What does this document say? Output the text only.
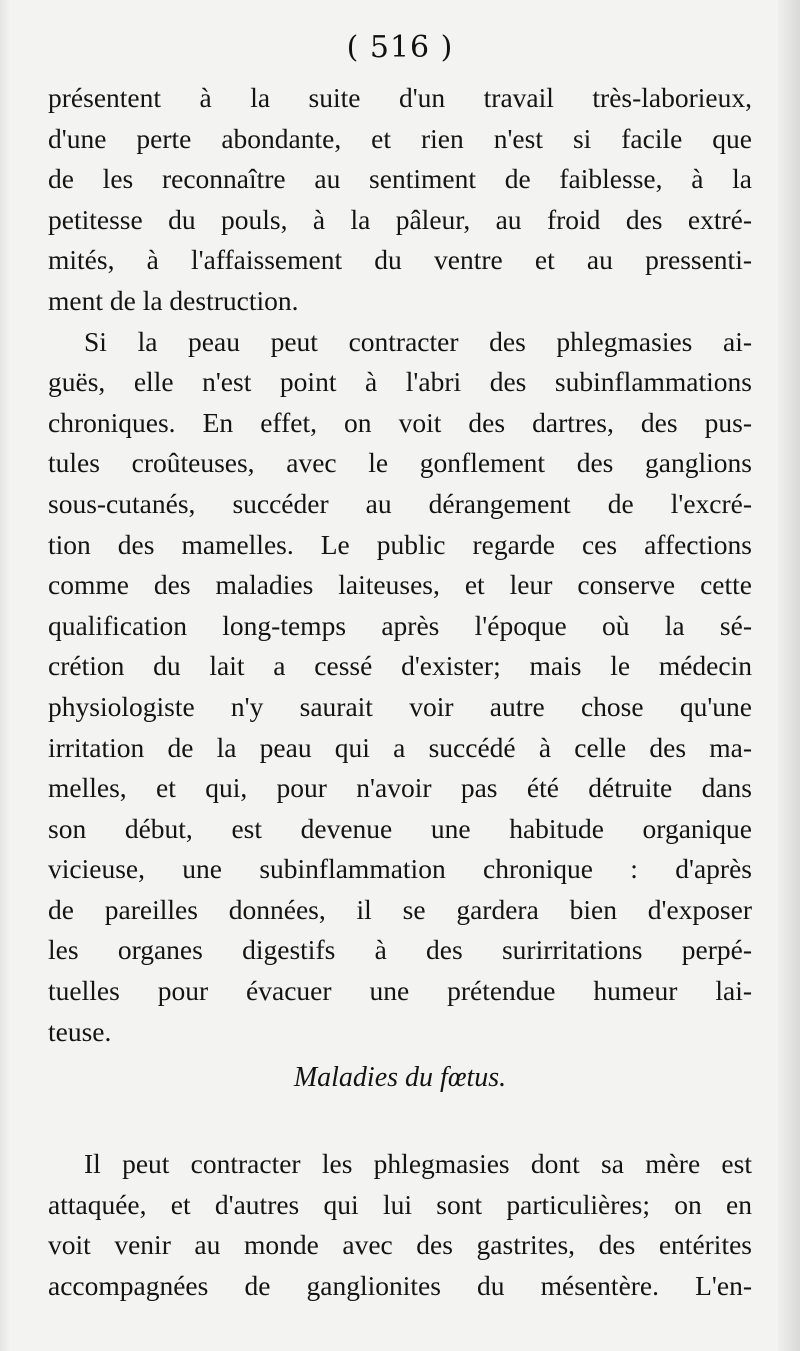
( 516 )
présentent à la suite d'un travail très-laborieux,
d'une perte abondante, et rien n'est si facile que
de les reconnaître au sentiment de faiblesse, à la
petitesse du pouls, à la pâleur, au froid des extré-
mités, à l'affaissement du ventre et au pressenti-
ment de la destruction.
Si la peau peut contracter des phlegmasies ai-
guës, elle n'est point à l'abri des subinflammations
chroniques. En effet, on voit des dartres, des pus-
tules croûteuses, avec le gonflement des ganglions
sous-cutanés, succéder au dérangement de l'excré-
tion des mamelles. Le public regarde ces affections
comme des maladies laiteuses, et leur conserve cette
qualification long-temps après l'époque où la sé-
crétion du lait a cessé d'exister; mais le médecin
physiologiste n'y saurait voir autre chose qu'une
irritation de la peau qui a succédé à celle des ma-
melles, et qui, pour n'avoir pas été détruite dans
son début, est devenue une habitude organique
vicieuse, une subinflammation chronique : d'après
de pareilles données, il se gardera bien d'exposer
les organes digestifs à des surirritations perpé-
tuelles pour évacuer une prétendue humeur lai-
teuse.
Maladies du fœtus.
Il peut contracter les phlegmasies dont sa mère est
attaquée, et d'autres qui lui sont particulières; on en
voit venir au monde avec des gastrites, des entérites
accompagnées de ganglionites du mésentère. L'en-
